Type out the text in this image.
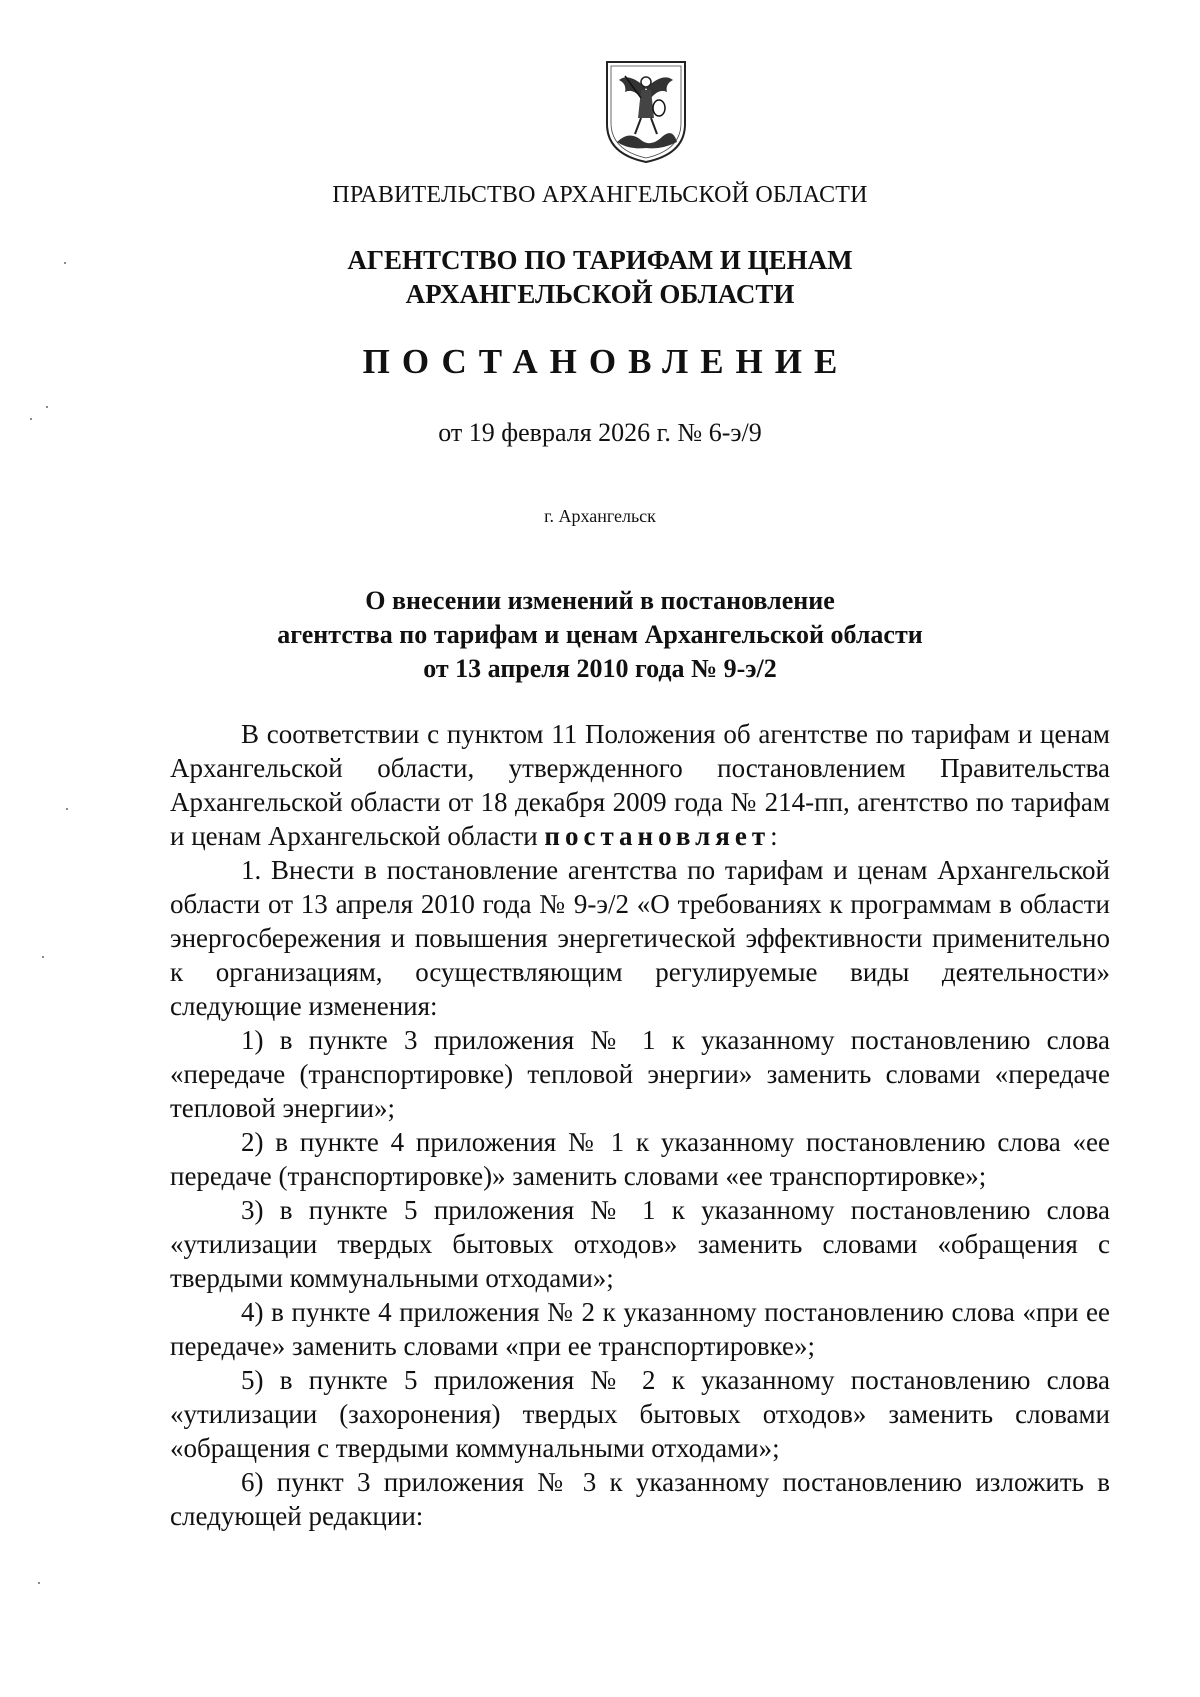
ПРАВИТЕЛЬСТВО АРХАНГЕЛЬСКОЙ ОБЛАСТИ
АГЕНТСТВО ПО ТАРИФАМ И ЦЕНАМ
АРХАНГЕЛЬСКОЙ ОБЛАСТИ
ПОСТАНОВЛЕНИЕ
от 19 февраля 2026 г. № 6-э/9
г. Архангельск
О внесении изменений в постановление
агентства по тарифам и ценам Архангельской области
от 13 апреля 2010 года № 9-э/2

В соответствии с пунктом 11 Положения об агентстве по тарифам и ценам Архангельской области, утвержденного постановлением Правительства Архангельской области от 18 декабря 2009 года № 214-пп, агентство по тарифам и ценам Архангельской области постановляет:

1. Внести в постановление агентства по тарифам и ценам Архангельской области от 13 апреля 2010 года № 9-э/2 «О требованиях к программам в области энергосбережения и повышения энергетической эффективности применительно к организациям, осуществляющим регулируемые виды деятельности» следующие изменения:

1) в пункте 3 приложения № 1 к указанному постановлению слова «передаче (транспортировке) тепловой энергии» заменить словами «передаче тепловой энергии»;

2) в пункте 4 приложения № 1 к указанному постановлению слова «ее передаче (транспортировке)» заменить словами «ее транспортировке»;

3) в пункте 5 приложения № 1 к указанному постановлению слова «утилизации твердых бытовых отходов» заменить словами «обращения с твердыми коммунальными отходами»;

4) в пункте 4 приложения № 2 к указанному постановлению слова «при ее передаче» заменить словами «при ее транспортировке»;

5) в пункте 5 приложения № 2 к указанному постановлению слова «утилизации (захоронения) твердых бытовых отходов» заменить словами «обращения с твердыми коммунальными отходами»;

6) пункт 3 приложения № 3 к указанному постановлению изложить в следующей редакции:
